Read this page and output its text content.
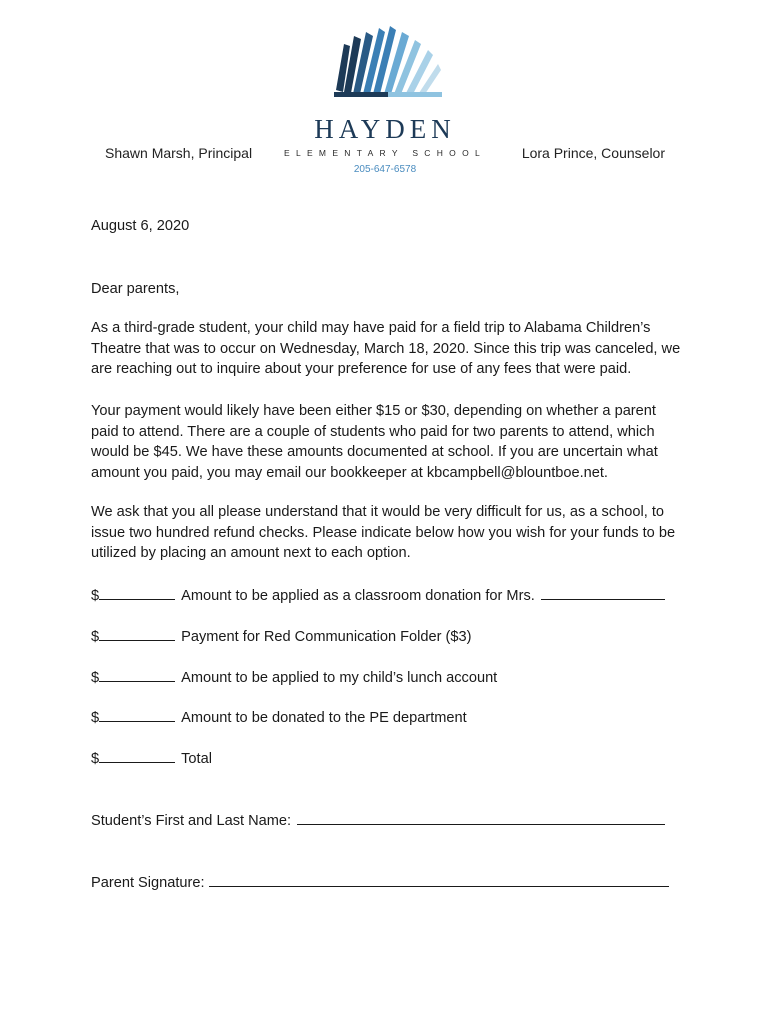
HAYDEN
ELEMENTARY SCHOOL
205-647-6578
Shawn Marsh, Principal	Lora Prince, Counselor
August 6, 2020
Dear parents,
As a third-grade student, your child may have paid for a field trip to Alabama Children’s Theatre that was to occur on Wednesday, March 18, 2020. Since this trip was canceled, we are reaching out to inquire about your preference for use of any fees that were paid.
Your payment would likely have been either $15 or $30, depending on whether a parent paid to attend. There are a couple of students who paid for two parents to attend, which would be $45. We have these amounts documented at school. If you are uncertain what amount you paid, you may email our bookkeeper at kbcampbell@blountboe.net.
We ask that you all please understand that it would be very difficult for us, as a school, to issue two hundred refund checks. Please indicate below how you wish for your funds to be utilized by placing an amount next to each option.
$	Amount to be applied as a classroom donation for Mrs.
$	Payment for Red Communication Folder ($3)
$	Amount to be applied to my child’s lunch account
$	Amount to be donated to the PE department
$	Total
Student’s First and Last Name:
Parent Signature:
